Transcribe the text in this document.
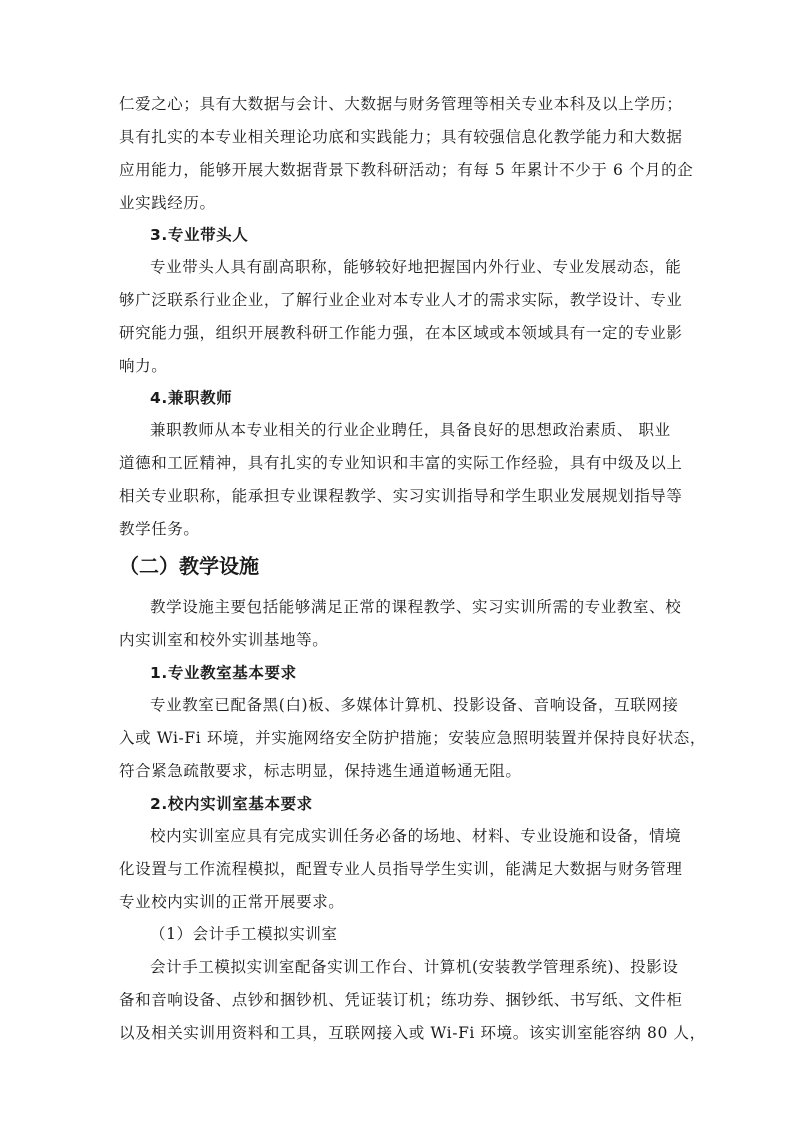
仁爱之心；具有大数据与会计、大数据与财务管理等相关专业本科及以上学历；
具有扎实的本专业相关理论功底和实践能力；具有较强信息化教学能力和大数据
应用能力，能够开展大数据背景下教科研活动；有每 5 年累计不少于 6 个月的企
业实践经历。
3.专业带头人
专业带头人具有副高职称，能够较好地把握国内外行业、专业发展动态，能
够广泛联系行业企业，了解行业企业对本专业人才的需求实际，教学设计、专业
研究能力强，组织开展教科研工作能力强，在本区域或本领域具有一定的专业影
响力。
4.兼职教师
兼职教师从本专业相关的行业企业聘任，具备良好的思想政治素质、 职业
道德和工匠精神，具有扎实的专业知识和丰富的实际工作经验，具有中级及以上
相关专业职称，能承担专业课程教学、实习实训指导和学生职业发展规划指导等
教学任务。
（二）教学设施
教学设施主要包括能够满足正常的课程教学、实习实训所需的专业教室、校
内实训室和校外实训基地等。
1.专业教室基本要求
专业教室已配备黑(白)板、多媒体计算机、投影设备、音响设备，互联网接
入或 Wi-Fi 环境，并实施网络安全防护措施；安装应急照明装置并保持良好状态，
符合紧急疏散要求，标志明显，保持逃生通道畅通无阻。
2.校内实训室基本要求
校内实训室应具有完成实训任务必备的场地、材料、专业设施和设备，情境
化设置与工作流程模拟，配置专业人员指导学生实训，能满足大数据与财务管理
专业校内实训的正常开展要求。
（1）会计手工模拟实训室
会计手工模拟实训室配备实训工作台、计算机(安装教学管理系统)、投影设
备和音响设备、点钞和捆钞机、凭证装订机；练功券、捆钞纸、书写纸、文件柜
以及相关实训用资料和工具，互联网接入或 Wi-Fi 环境。该实训室能容纳 80 人，
